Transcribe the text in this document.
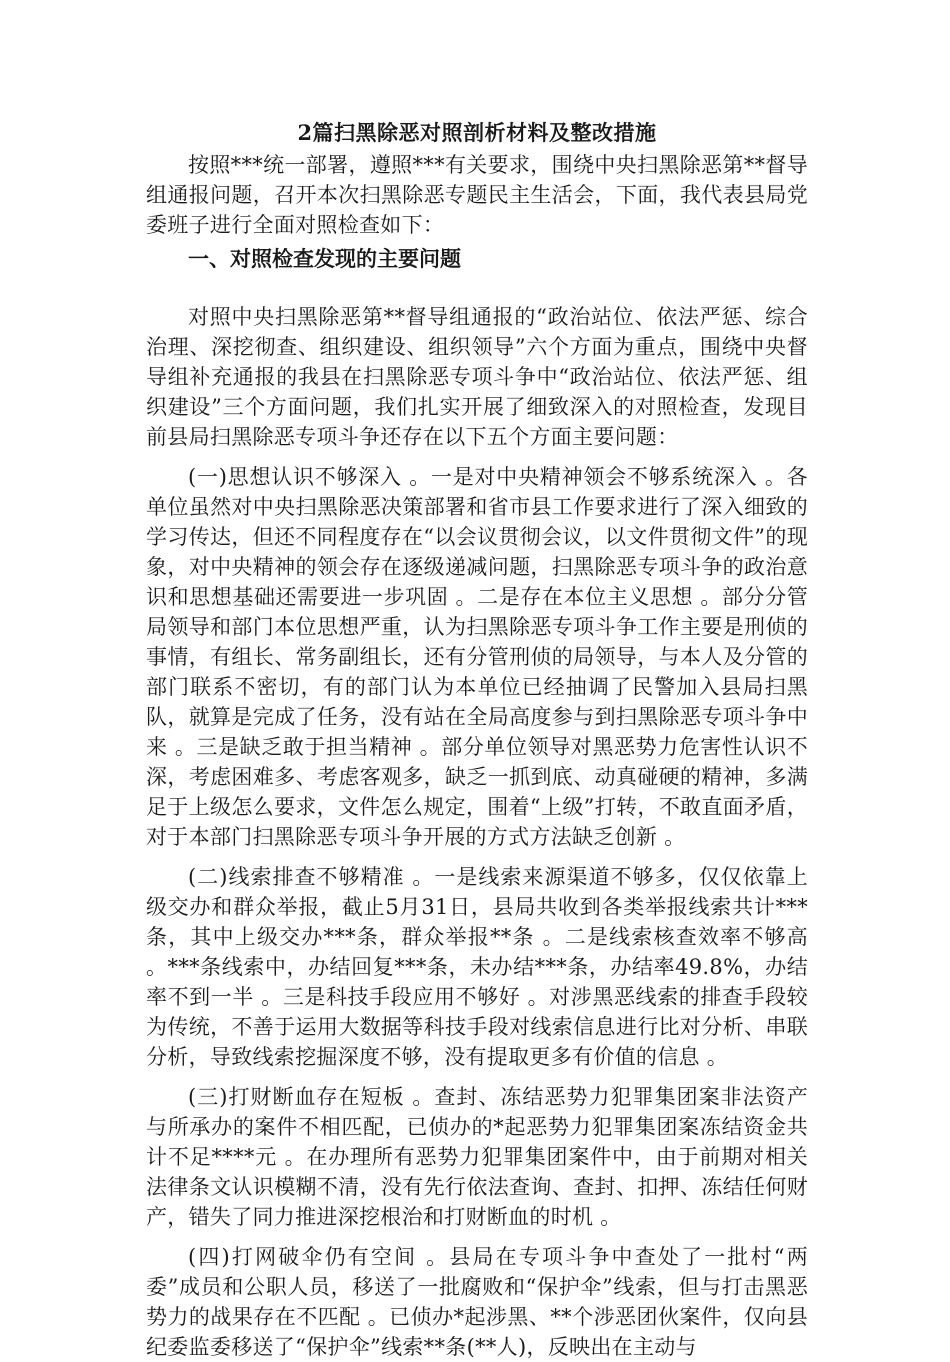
2篇扫黑除恶对照剖析材料及整改措施

按照***统一部署，遵照***有关要求，围绕中央扫黑除恶第**督导组通报问题，召开本次扫黑除恶专题民主生活会，下面，我代表县局党委班子进行全面对照检查如下：

一、对照检查发现的主要问题

对照中央扫黑除恶第**督导组通报的“政治站位、依法严惩、综合治理、深挖彻查、组织建设、组织领导”六个方面为重点，围绕中央督导组补充通报的我县在扫黑除恶专项斗争中“政治站位、依法严惩、组织建设”三个方面问题，我们扎实开展了细致深入的对照检查，发现目前县局扫黑除恶专项斗争还存在以下五个方面主要问题：

(一)思想认识不够深入 。一是对中央精神领会不够系统深入 。各单位虽然对中央扫黑除恶决策部署和省市县工作要求进行了深入细致的学习传达，但还不同程度存在“以会议贯彻会议，以文件贯彻文件”的现象，对中央精神的领会存在逐级递减问题，扫黑除恶专项斗争的政治意识和思想基础还需要进一步巩固 。二是存在本位主义思想 。部分分管局领导和部门本位思想严重，认为扫黑除恶专项斗争工作主要是刑侦的事情，有组长、常务副组长，还有分管刑侦的局领导，与本人及分管的部门联系不密切，有的部门认为本单位已经抽调了民警加入县局扫黑队，就算是完成了任务，没有站在全局高度参与到扫黑除恶专项斗争中来 。三是缺乏敢于担当精神 。部分单位领导对黑恶势力危害性认识不深，考虑困难多、考虑客观多，缺乏一抓到底、动真碰硬的精神，多满足于上级怎么要求，文件怎么规定，围着“上级”打转，不敢直面矛盾，对于本部门扫黑除恶专项斗争开展的方式方法缺乏创新 。

(二)线索排查不够精准 。一是线索来源渠道不够多，仅仅依靠上级交办和群众举报，截止5月31日，县局共收到各类举报线索共计***条，其中上级交办***条，群众举报**条 。二是线索核查效率不够高 。***条线索中，办结回复***条，未办结***条，办结率49.8%，办结率不到一半 。三是科技手段应用不够好 。对涉黑恶线索的排查手段较为传统，不善于运用大数据等科技手段对线索信息进行比对分析、串联分析，导致线索挖掘深度不够，没有提取更多有价值的信息 。

(三)打财断血存在短板 。查封、冻结恶势力犯罪集团案非法资产与所承办的案件不相匹配，已侦办的*起恶势力犯罪集团案冻结资金共计不足****元 。在办理所有恶势力犯罪集团案件中，由于前期对相关法律条文认识模糊不清，没有先行依法查询、查封、扣押、冻结任何财产，错失了同力推进深挖根治和打财断血的时机 。

(四)打网破伞仍有空间 。县局在专项斗争中查处了一批村“两委”成员和公职人员，移送了一批腐败和“保护伞”线索，但与打击黑恶势力的战果存在不匹配 。已侦办*起涉黑、**个涉恶团伙案件，仅向县纪委监委移送了“保护伞”线索**条(**人)，反映出在主动与
